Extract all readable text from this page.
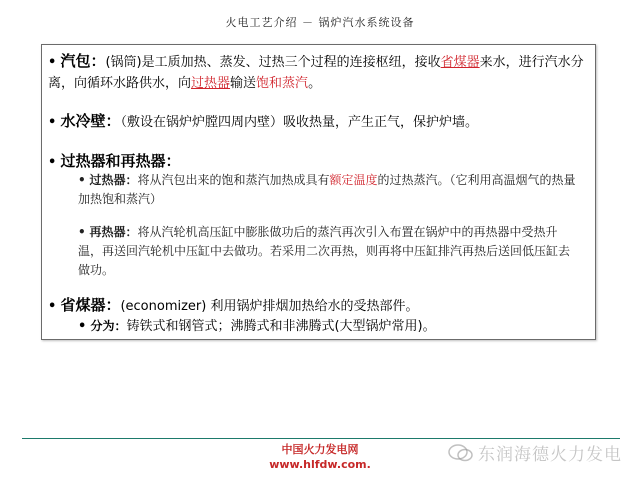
火电工艺介绍 － 锅炉汽水系统设备
• 汽包：(锅筒)是工质加热、蒸发、过热三个过程的连接枢纽，接收省煤器来水，进行汽水分离，向循环水路供水，向过热器输送饱和蒸汽。
• 水冷壁：（敷设在锅炉炉膛四周内壁）吸收热量，产生正气，保护炉墙。
• 过热器和再热器：
• 过热器：将从汽包出来的饱和蒸汽加热成具有额定温度的过热蒸汽。（它利用高温烟气的热量加热饱和蒸汽）
• 再热器：将从汽轮机高压缸中膨胀做功后的蒸汽再次引入布置在锅炉中的再热器中受热升温，再送回汽轮机中压缸中去做功。若采用二次再热，则再将中压缸排汽再热后送回低压缸去做功。
• 省煤器：(economizer) 利用锅炉排烟加热给水的受热部件。
• 分为：铸铁式和钢管式；沸腾式和非沸腾式(大型锅炉常用)。
中国火力发电网
www.hlfdw.com.	东润海德火力发电
